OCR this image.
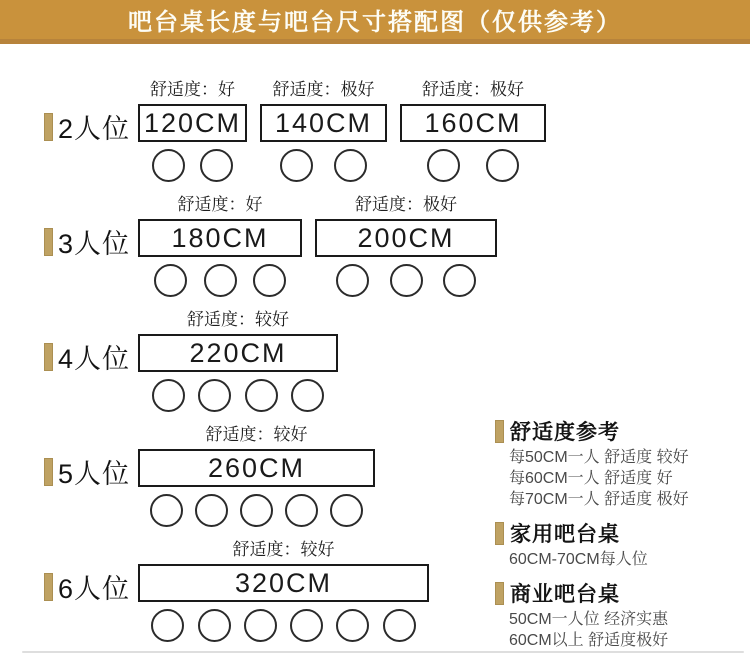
吧台桌长度与吧台尺寸搭配图（仅供参考）
2人位
舒适度：好
120CM
舒适度：极好
140CM
舒适度：极好
160CM
3人位
舒适度：好
180CM
舒适度：极好
200CM
4人位
舒适度：较好
220CM
5人位
舒适度：较好
260CM
6人位
舒适度：较好
320CM
舒适度参考
每50CM一人 舒适度 较好
每60CM一人 舒适度 好
每70CM一人 舒适度 极好
家用吧台桌
60CM-70CM每人位
商业吧台桌
50CM一人位 经济实惠
60CM以上 舒适度极好
